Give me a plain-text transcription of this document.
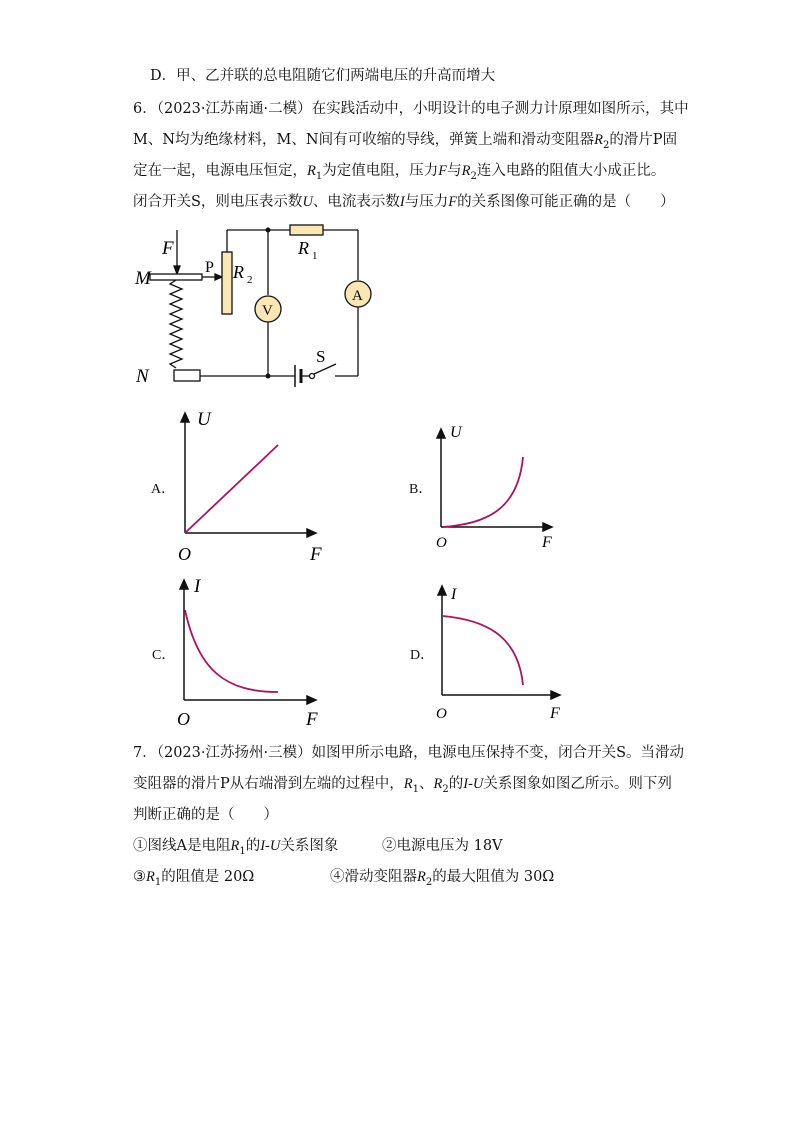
D．甲、乙并联的总电阻随它们两端电压的升高而增大
6．（2023·江苏南通·二模）在实践活动中，小明设计的电子测力计原理如图所示，其中
M、N均为绝缘材料，M、N间有可收缩的导线，弹簧上端和滑动变阻器$R_2$的滑片P固
定在一起，电源电压恒定，$R_1$为定值电阻，压力F与$R_2$连入电路的阻值大小成正比。
闭合开关S，则电压表示数U、电流表示数I与压力F的关系图像可能正确的是（　　）
F
M
N
P R 2
R 1
V
A
S
A．
U
O	F
B．
U
O	F
C．
I
O	F
D．
I
O	F
7．（2023·江苏扬州·三模）如图甲所示电路，电源电压保持不变，闭合开关S。当滑动
变阻器的滑片P从右端滑到左端的过程中，$R_1$、$R_2$的I-U关系图象如图乙所示。则下列
判断正确的是（　　）
①图线A是电阻$R_1$的I-U关系图象	②电源电压为 18V
$③R_1$的阻值是 20Ω	④滑动变阻器$R_2$的最大阻值为 30Ω
